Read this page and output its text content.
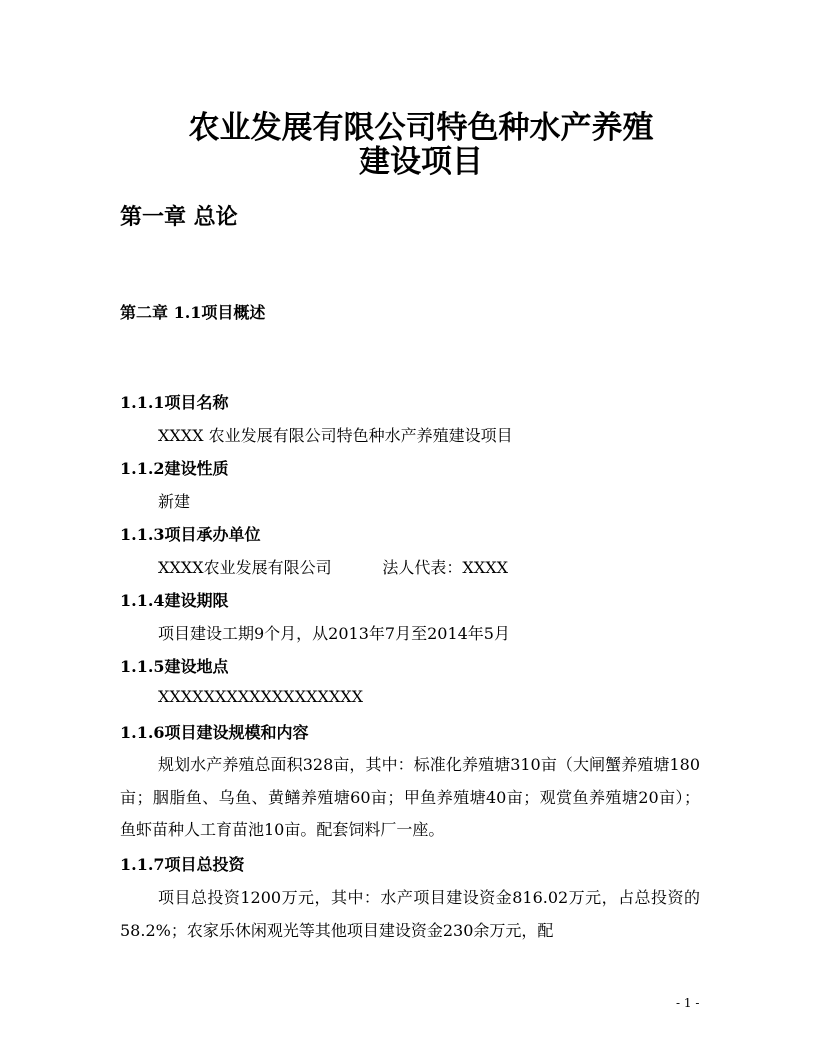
农业发展有限公司特色种水产养殖
建设项目
第一章 总论
第二章 1.1项目概述
1.1.1项目名称
XXXX 农业发展有限公司特色种水产养殖建设项目
1.1.2建设性质
新建
1.1.3项目承办单位
XXXX农业发展有限公司          法人代表：XXXX
1.1.4建设期限
项目建设工期9个月，从2013年7月至2014年5月
1.1.5建设地点
XXXXXXXXXXXXXXXXXX
1.1.6项目建设规模和内容
规划水产养殖总面积328亩，其中：标准化养殖塘310亩（大闸蟹养殖塘180亩；胭脂鱼、乌鱼、黄鳝养殖塘60亩；甲鱼养殖塘40亩；观赏鱼养殖塘20亩）；鱼虾苗种人工育苗池10亩。配套饲料厂一座。
1.1.7项目总投资
项目总投资1200万元，其中：水产项目建设资金816.02万元，占总投资的58.2%；农家乐休闲观光等其他项目建设资金230余万元，配
- 1 -
